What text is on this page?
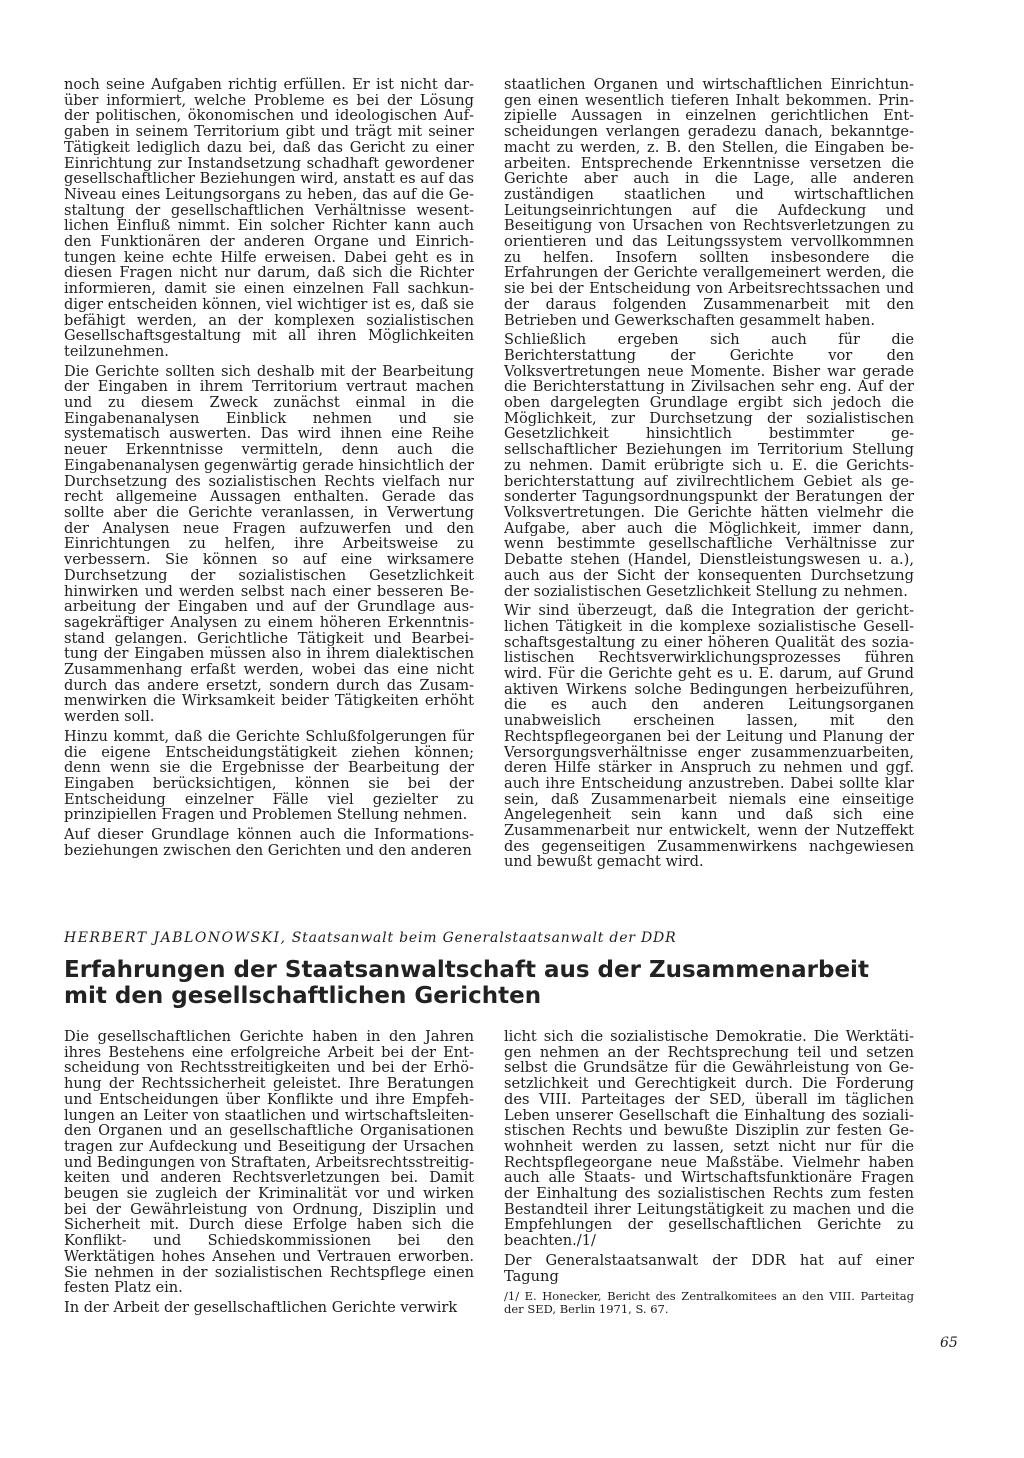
noch seine Aufgaben richtig erfüllen. Er ist nicht darüber informiert, welche Probleme es bei der Lösung der politischen, ökonomischen und ideologischen Aufgaben in seinem Territorium gibt und trägt mit seiner Tätigkeit lediglich dazu bei, daß das Gericht zu einer Einrichtung zur Instandsetzung schadhaft gewordener gesellschaftlicher Beziehungen wird, anstatt es auf das Niveau eines Leitungsorgans zu heben, das auf die Gestaltung der gesellschaftlichen Verhältnisse wesentlichen Einfluß nimmt. Ein solcher Richter kann auch den Funktionären der anderen Organe und Einrichtungen keine echte Hilfe erweisen. Dabei geht es in diesen Fragen nicht nur darum, daß sich die Richter informieren, damit sie einen einzelnen Fall sachkundiger entscheiden können, viel wichtiger ist es, daß sie befähigt werden, an der komplexen sozialistischen Gesellschaftsgestaltung mit all ihren Möglichkeiten teilzunehmen.

Die Gerichte sollten sich deshalb mit der Bearbeitung der Eingaben in ihrem Territorium vertraut machen und zu diesem Zweck zunächst einmal in die Eingabenanalysen Einblick nehmen und sie systematisch auswerten. Das wird ihnen eine Reihe neuer Erkenntnisse vermitteln, denn auch die Eingabenanalysen gegenwärtig gerade hinsichtlich der Durchsetzung des sozialistischen Rechts vielfach nur recht allgemeine Aussagen enthalten. Gerade das sollte aber die Gerichte veranlassen, in Verwertung der Analysen neue Fragen aufzuwerfen und den Einrichtungen zu helfen, ihre Arbeitsweise zu verbessern. Sie können so auf eine wirksamere Durchsetzung der sozialistischen Gesetzlichkeit hinwirken und werden selbst nach einer besseren Bearbeitung der Eingaben und auf der Grundlage aussagekräftiger Analysen zu einem höheren Erkenntnisstand gelangen. Gerichtliche Tätigkeit und Bearbeitung der Eingaben müssen also in ihrem dialektischen Zusammenhang erfaßt werden, wobei das eine nicht durch das andere ersetzt, sondern durch das Zusammenwirken die Wirksamkeit beider Tätigkeiten erhöht werden soll.

Hinzu kommt, daß die Gerichte Schlußfolgerungen für die eigene Entscheidungstätigkeit ziehen können; denn wenn sie die Ergebnisse der Bearbeitung der Eingaben berücksichtigen, können sie bei der Entscheidung einzelner Fälle viel gezielter zu prinzipiellen Fragen und Problemen Stellung nehmen.

Auf dieser Grundlage können auch die Informationsbeziehungen zwischen den Gerichten und den anderen

staatlichen Organen und wirtschaftlichen Einrichtungen einen wesentlich tieferen Inhalt bekommen. Prinzipielle Aussagen in einzelnen gerichtlichen Entscheidungen verlangen geradezu danach, bekanntgemacht zu werden, z. B. den Stellen, die Eingaben bearbeiten. Entsprechende Erkenntnisse versetzen die Gerichte aber auch in die Lage, alle anderen zuständigen staatlichen und wirtschaftlichen Leitungseinrichtungen auf die Aufdeckung und Beseitigung von Ursachen von Rechtsverletzungen zu orientieren und das Leitungssystem vervollkommnen zu helfen. Insofern sollten insbesondere die Erfahrungen der Gerichte verallgemeinert werden, die sie bei der Entscheidung von Arbeitsrechtssachen und der daraus folgenden Zusammenarbeit mit den Betrieben und Gewerkschaften gesammelt haben.

Schließlich ergeben sich auch für die Berichterstattung der Gerichte vor den Volksvertretungen neue Momente. Bisher war gerade die Berichterstattung in Zivilsachen sehr eng. Auf der oben dargelegten Grundlage ergibt sich jedoch die Möglichkeit, zur Durchsetzung der sozialistischen Gesetzlichkeit hinsichtlich bestimmter gesellschaftlicher Beziehungen im Territorium Stellung zu nehmen. Damit erübrigte sich u. E. die Gerichtsberichterstattung auf zivilrechtlichem Gebiet als gesonderter Tagungsordnungspunkt der Beratungen der Volksvertretungen. Die Gerichte hätten vielmehr die Aufgabe, aber auch die Möglichkeit, immer dann, wenn bestimmte gesellschaftliche Verhältnisse zur Debatte stehen (Handel, Dienstleistungswesen u. a.), auch aus der Sicht der konsequenten Durchsetzung der sozialistischen Gesetzlichkeit Stellung zu nehmen.

Wir sind überzeugt, daß die Integration der gerichtlichen Tätigkeit in die komplexe sozialistische Gesellschaftsgestaltung zu einer höheren Qualität des sozialistischen Rechtsverwirklichungsprozesses führen wird. Für die Gerichte geht es u. E. darum, auf Grund aktiven Wirkens solche Bedingungen herbeizuführen, die es auch den anderen Leitungsorganen unabweislich erscheinen lassen, mit den Rechtspflegeorganen bei der Leitung und Planung der Versorgungsverhältnisse enger zusammenzuarbeiten, deren Hilfe stärker in Anspruch zu nehmen und ggf. auch ihre Entscheidung anzustreben. Dabei sollte klar sein, daß Zusammenarbeit niemals eine einseitige Angelegenheit sein kann und daß sich eine Zusammenarbeit nur entwickelt, wenn der Nutzeffekt des gegenseitigen Zusammenwirkens nachgewiesen und bewußt gemacht wird.

HERBERT JABLONOWSKI, Staatsanwalt beim Generalstaatsanwalt der DDR
Erfahrungen der Staatsanwaltschaft aus der Zusammenarbeit
mit den gesellschaftlichen Gerichten

Die gesellschaftlichen Gerichte haben in den Jahren ihres Bestehens eine erfolgreiche Arbeit bei der Entscheidung von Rechtsstreitigkeiten und bei der Erhöhung der Rechtssicherheit geleistet. Ihre Beratungen und Entscheidungen über Konflikte und ihre Empfehlungen an Leiter von staatlichen und wirtschaftsleitenden Organen und an gesellschaftliche Organisationen tragen zur Aufdeckung und Beseitigung der Ursachen und Bedingungen von Straftaten, Arbeitsrechtsstreitigkeiten und anderen Rechtsverletzungen bei. Damit beugen sie zugleich der Kriminalität vor und wirken bei der Gewährleistung von Ordnung, Disziplin und Sicherheit mit. Durch diese Erfolge haben sich die Konflikt- und Schiedskommissionen bei den Werktätigen hohes Ansehen und Vertrauen erworben. Sie nehmen in der sozialistischen Rechtspflege einen festen Platz ein.

In der Arbeit der gesellschaftlichen Gerichte verwirk

licht sich die sozialistische Demokratie. Die Werktätigen nehmen an der Rechtsprechung teil und setzen selbst die Grundsätze für die Gewährleistung von Gesetzlichkeit und Gerechtigkeit durch. Die Forderung des VIII. Parteitages der SED, überall im täglichen Leben unserer Gesellschaft die Einhaltung des sozialistischen Rechts und bewußte Disziplin zur festen Gewohnheit werden zu lassen, setzt nicht nur für die Rechtspflegeorgane neue Maßstäbe. Vielmehr haben auch alle Staats- und Wirtschaftsfunktionäre Fragen der Einhaltung des sozialistischen Rechts zum festen Bestandteil ihrer Leitungstätigkeit zu machen und die Empfehlungen der gesellschaftlichen Gerichte zu beachten./1/

Der Generalstaatsanwalt der DDR hat auf einer Tagung

/1/ E. Honecker, Bericht des Zentralkomitees an den VIII. Parteitag der SED, Berlin 1971, S. 67.
65
